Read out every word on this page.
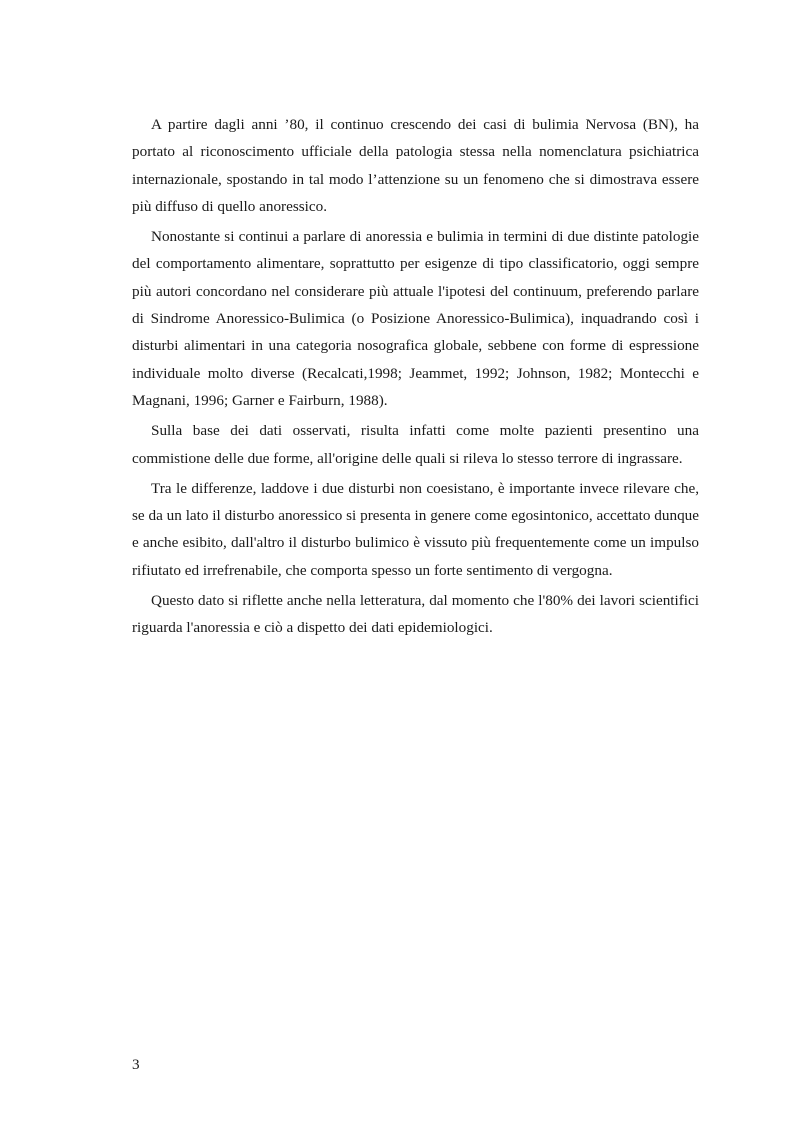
A partire dagli anni ’80, il continuo crescendo dei casi di bulimia Nervosa (BN), ha portato al riconoscimento ufficiale della patologia stessa nella nomenclatura psichiatrica internazionale, spostando in tal modo l’attenzione su un fenomeno che si dimostrava essere più diffuso di quello anoressico.

Nonostante si continui a parlare di anoressia e bulimia in termini di due distinte patologie del comportamento alimentare, soprattutto per esigenze di tipo classificatorio, oggi sempre più autori concordano nel considerare più attuale l'ipotesi del continuum, preferendo parlare di Sindrome Anoressico-Bulimica (o Posizione Anoressico-Bulimica), inquadrando così i disturbi alimentari in una categoria nosografica globale, sebbene con forme di espressione individuale molto diverse (Recalcati,1998; Jeammet, 1992; Johnson, 1982; Montecchi e Magnani, 1996; Garner e Fairburn, 1988).

Sulla base dei dati osservati, risulta infatti come molte pazienti presentino una commistione delle due forme, all'origine delle quali si rileva lo stesso terrore di ingrassare.

Tra le differenze, laddove i due disturbi non coesistano, è importante invece rilevare che, se da un lato il disturbo anoressico si presenta in genere come egosintonico, accettato dunque e anche esibito, dall'altro il disturbo bulimico è vissuto più frequentemente come un impulso rifiutato ed irrefrenabile, che comporta spesso un forte sentimento di vergogna.

Questo dato si riflette anche nella letteratura, dal momento che l'80% dei lavori scientifici riguarda l'anoressia e ciò a dispetto dei dati epidemiologici.

3
